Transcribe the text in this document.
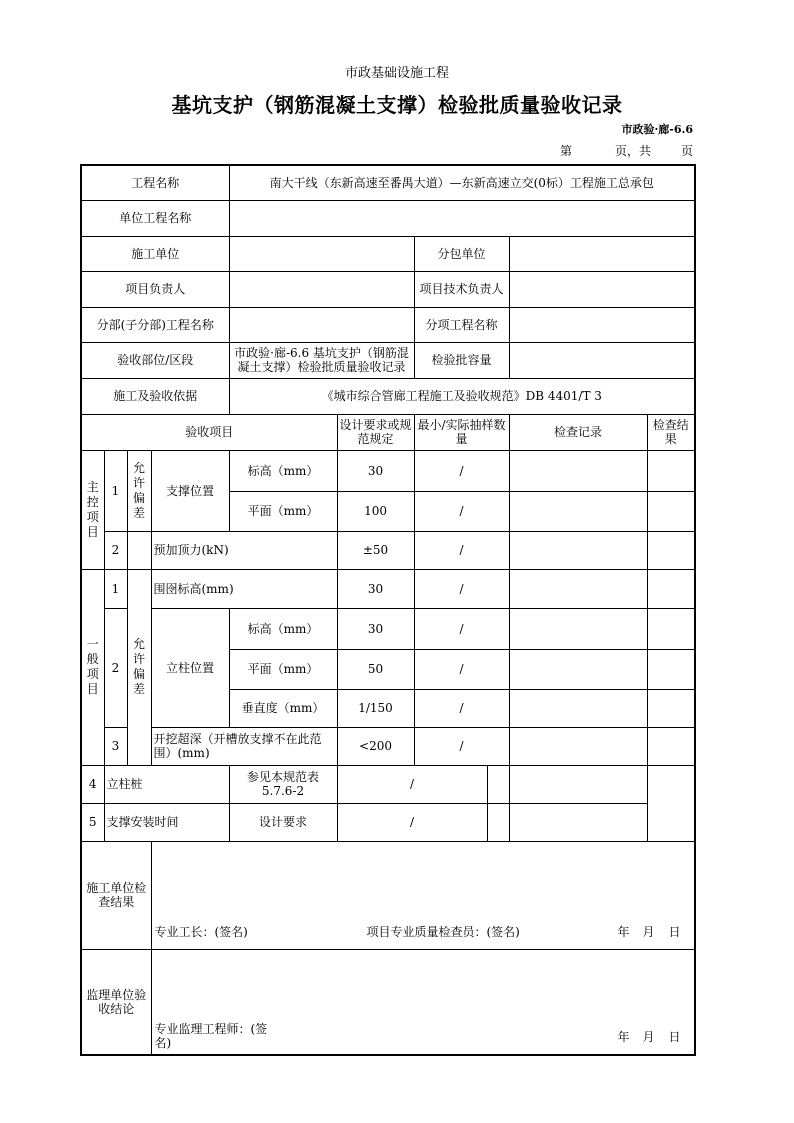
市政基础设施工程
基坑支护（钢筋混凝土支撑）检验批质量验收记录
市政验·廊-6.6
第	页，共 页
工程名称				南大干线（东新高速至番禺大道）—东新高速立交(0标）工程施工总承包					
单位工程名称									
施工单位						分包单位			
项目负责人						项目技术负责人			
分部(子分部)工程名称						分项工程名称			
验收部位/区段				市政验·廊-6.6 基坑支护（钢筋混凝土支撑）检验批质量验收记录		检验批容量			
施工及验收依据				《城市综合管廊工程施工及验收规范》DB 4401/T 3					
验收项目					设计要求或规范规定	最小/实际抽样数量		检查记录	检查结果
主控项目	1	允许偏差	支撑位置	标高（mm）	30	/			
				平面（mm）	100	/			
	2		预加顶力(kN)		±50	/			
一般项目	1	允许偏差	围囹标高(mm)		30	/			
	2		立柱位置	标高（mm）	30	/			
				平面（mm）	50	/			
				垂直度（mm）	1/150	/			
	3		开挖超深（开槽放支撑不在此范围）(mm)		<200	/			
4	立柱桩			参见本规范表5.7.6-2	/				
5	支撑安装时间			设计要求	/				
施工单位检查结果			专业工长：(签名) 项目专业质量检查员：(签名) 年 月 日						

监理单位验收结论			专业监理工程师：(签名) 年 月 日						
